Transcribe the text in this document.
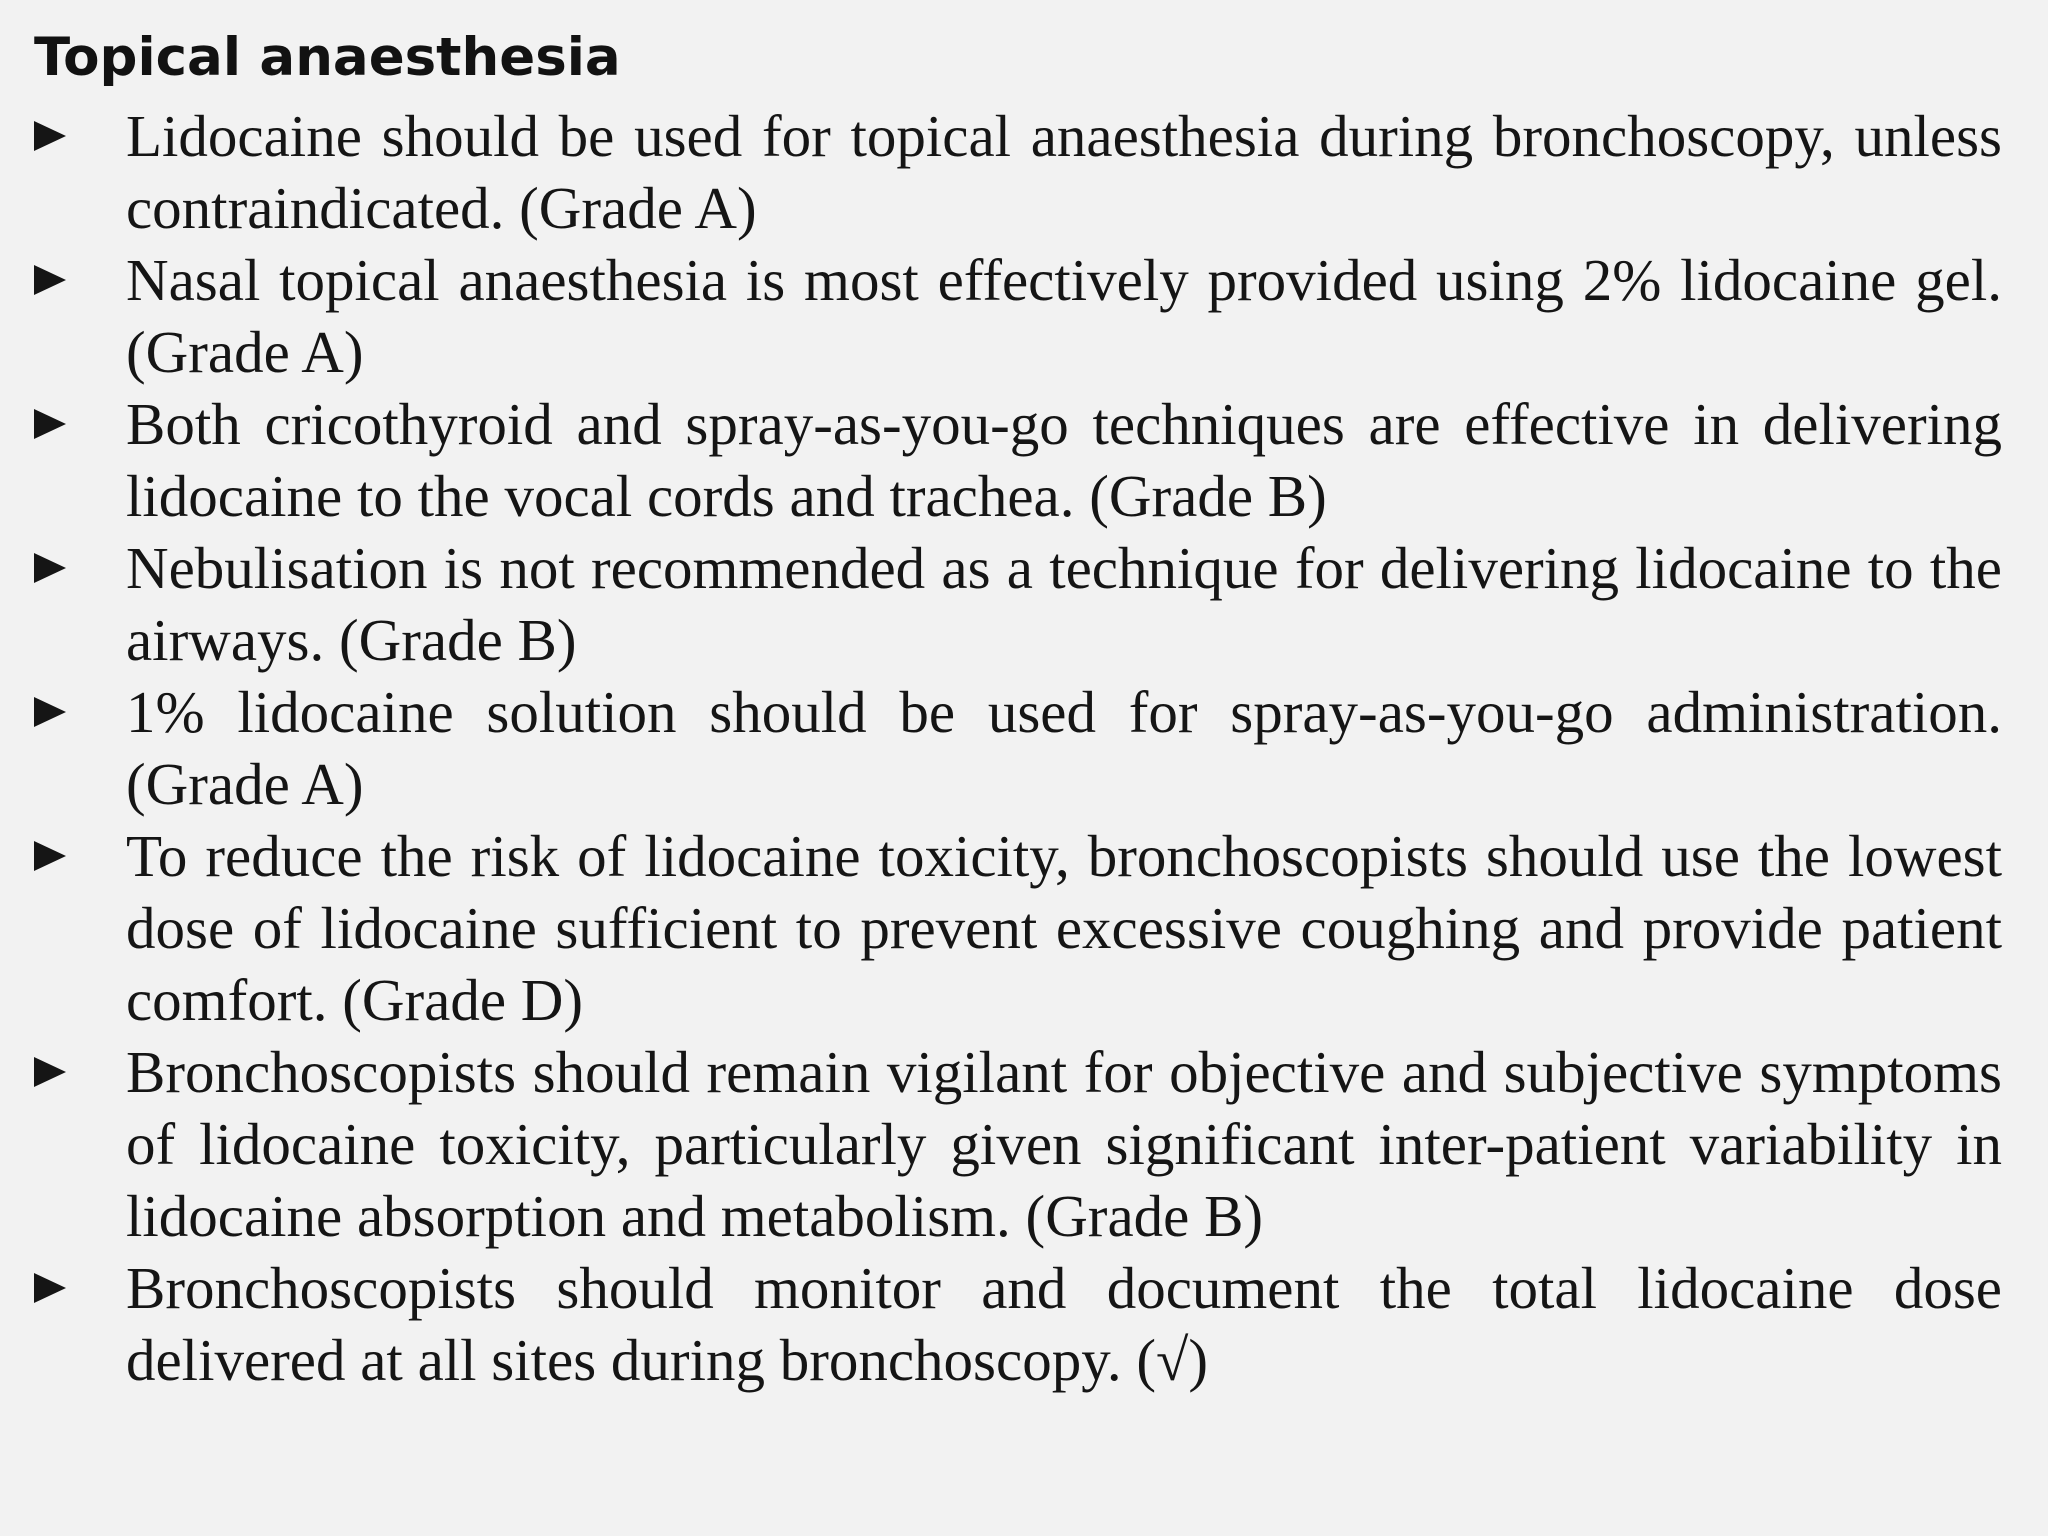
Topical anaesthesia
Lidocaine should be used for topical anaesthesia during bronchoscopy, unless contraindicated. (Grade A)
Nasal topical anaesthesia is most effectively provided using 2% lidocaine gel. (Grade A)
Both cricothyroid and spray-as-you-go techniques are effective in delivering lidocaine to the vocal cords and trachea. (Grade B)
Nebulisation is not recommended as a technique for delivering lidocaine to the airways. (Grade B)
1% lidocaine solution should be used for spray-as-you-go administration. (Grade A)
To reduce the risk of lidocaine toxicity, bronchoscopists should use the lowest dose of lidocaine sufficient to prevent excessive coughing and provide patient comfort. (Grade D)
Bronchoscopists should remain vigilant for objective and subjective symptoms of lidocaine toxicity, particularly given significant inter-patient variability in lidocaine absorption and metabolism. (Grade B)
Bronchoscopists should monitor and document the total lidocaine dose delivered at all sites during bronchoscopy. (√)
